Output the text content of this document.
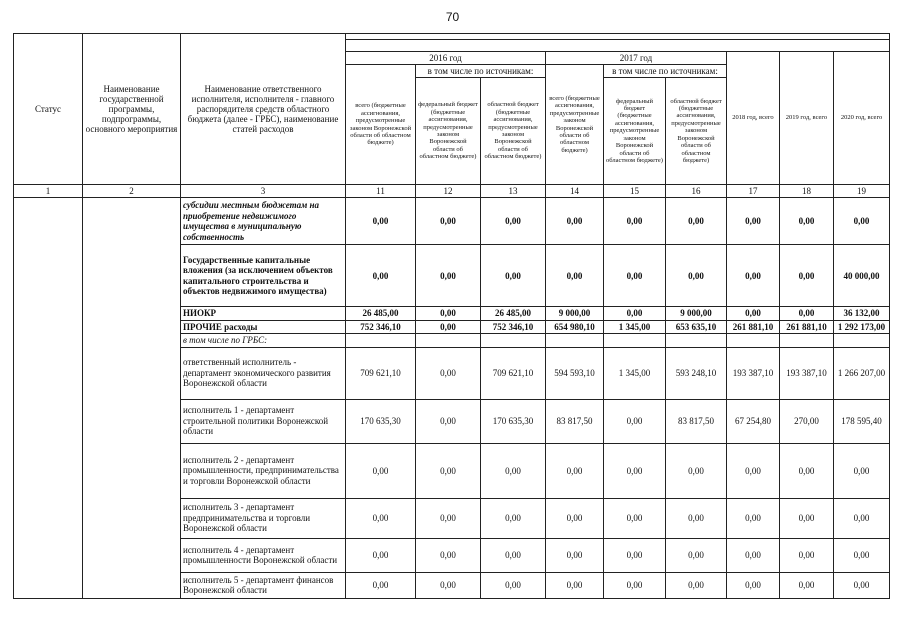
70
Статус	Наименование государственной программы, подпрограммы, основного мероприятия	Наименование ответственного исполнителя, исполнителя - главного распорядителя средств областного бюджета (далее - ГРБС), наименование статей расходов									

			2016 год			2017 год			2018 год, всего	2019 год, всего	2020 год, всего
			всего (бюджетные ассигнования, предусмотренные законом Воронежской области об областном бюджете)	в том числе по источникам:		всего (бюджетные ассигнования, предусмотренные законом Воронежской области об областном бюджете)	в том числе по источникам:				
				федеральный бюджет (бюджетные ассигнования, предусмотренные законом Воронежской области об областном бюджете)	областной бюджет (бюджетные ассигнования, предусмотренные законом Воронежской области об областном бюджете)		федеральный бюджет (бюджетные ассигнования, предусмотренные законом Воронежской области об областном бюджете)	областной бюджет (бюджетные ассигнования, предусмотренные законом Воронежской области об областном бюджете)			
1	2	3	11	12	13	14	15	16	17	18	19
		субсидии местным бюджетам на приобретение недвижимого имущества в муниципальную собственность	0,00	0,00	0,00	0,00	0,00	0,00	0,00	0,00	0,00
		Государственные капитальные вложения (за исключением объектов капитального строительства и объектов недвижимого имущества)	0,00	0,00	0,00	0,00	0,00	0,00	0,00	0,00	40 000,00
		НИОКР	26 485,00	0,00	26 485,00	9 000,00	0,00	9 000,00	0,00	0,00	36 132,00
		ПРОЧИЕ расходы	752 346,10	0,00	752 346,10	654 980,10	1 345,00	653 635,10	261 881,10	261 881,10	1 292 173,00
		в том числе по ГРБС:									
		ответственный исполнитель - департамент экономического развития Воронежской области	709 621,10	0,00	709 621,10	594 593,10	1 345,00	593 248,10	193 387,10	193 387,10	1 266 207,00
		исполнитель 1 - департамент строительной политики Воронежской области	170 635,30	0,00	170 635,30	83 817,50	0,00	83 817,50	67 254,80	270,00	178 595,40
		исполнитель 2 - департамент промышленности, предпринимательства и торговли Воронежской области	0,00	0,00	0,00	0,00	0,00	0,00	0,00	0,00	0,00
		исполнитель 3 - департамент предпринимательства и торговли Воронежской области	0,00	0,00	0,00	0,00	0,00	0,00	0,00	0,00	0,00
		исполнитель 4 - департамент промышленности Воронежской области	0,00	0,00	0,00	0,00	0,00	0,00	0,00	0,00	0,00
		исполнитель 5 - департамент финансов Воронежской области	0,00	0,00	0,00	0,00	0,00	0,00	0,00	0,00	0,00
